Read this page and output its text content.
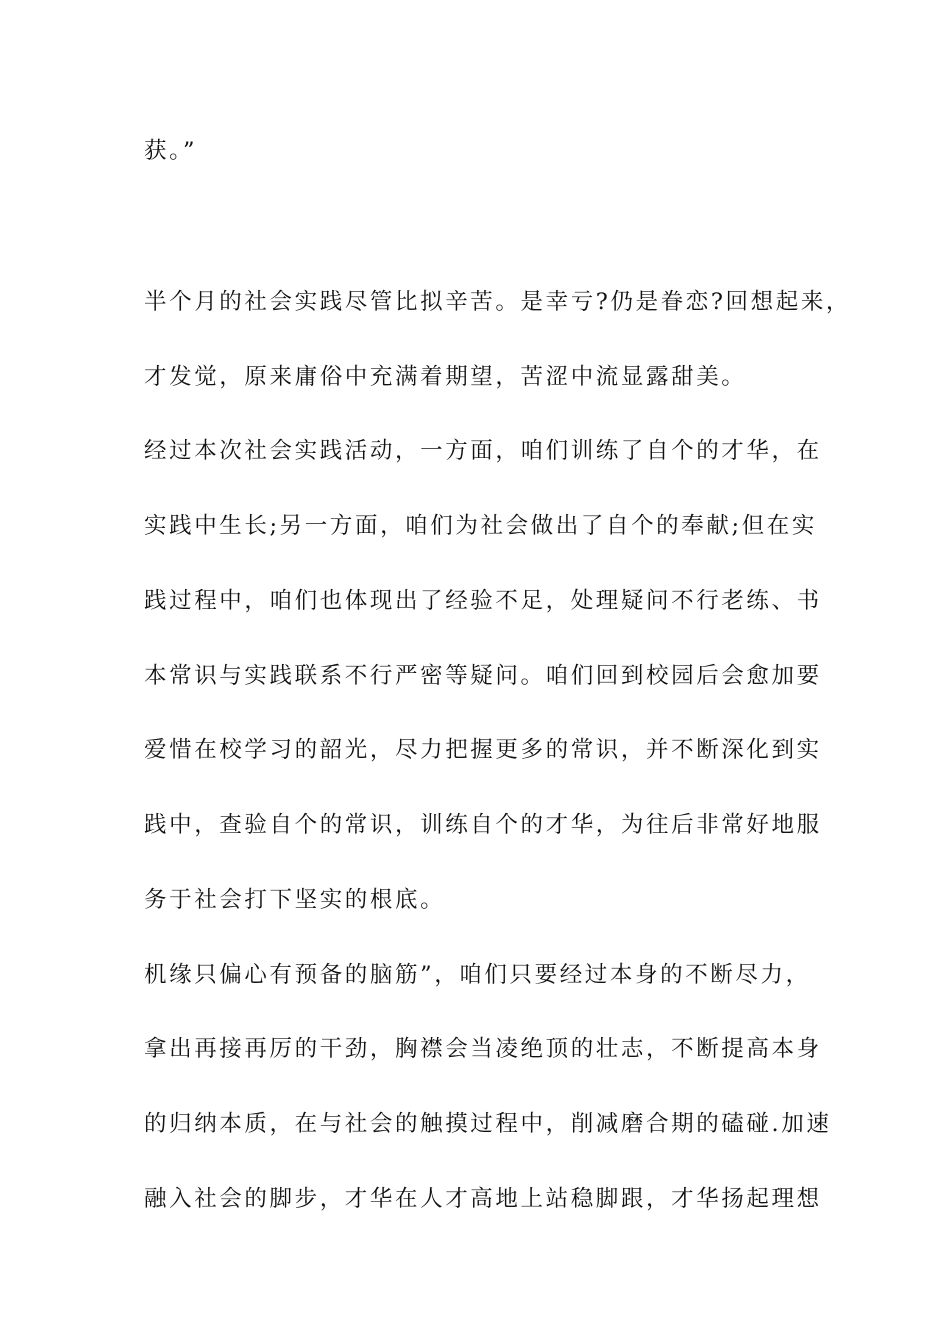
获。”
半个月的社会实践尽管比拟辛苦。是幸亏?仍是眷恋?回想起来，
才发觉，原来庸俗中充满着期望，苦涩中流显露甜美。
经过本次社会实践活动，一方面，咱们训练了自个的才华，在
实践中生长;另一方面，咱们为社会做出了自个的奉献;但在实
践过程中，咱们也体现出了经验不足，处理疑问不行老练、书
本常识与实践联系不行严密等疑问。咱们回到校园后会愈加要
爱惜在校学习的韶光，尽力把握更多的常识，并不断深化到实
践中，查验自个的常识，训练自个的才华，为往后非常好地服
务于社会打下坚实的根底。
机缘只偏心有预备的脑筋”，咱们只要经过本身的不断尽力，
拿出再接再厉的干劲，胸襟会当凌绝顶的壮志，不断提高本身
的归纳本质，在与社会的触摸过程中，削减磨合期的磕碰.加速
融入社会的脚步，才华在人才高地上站稳脚跟，才华扬起理想
